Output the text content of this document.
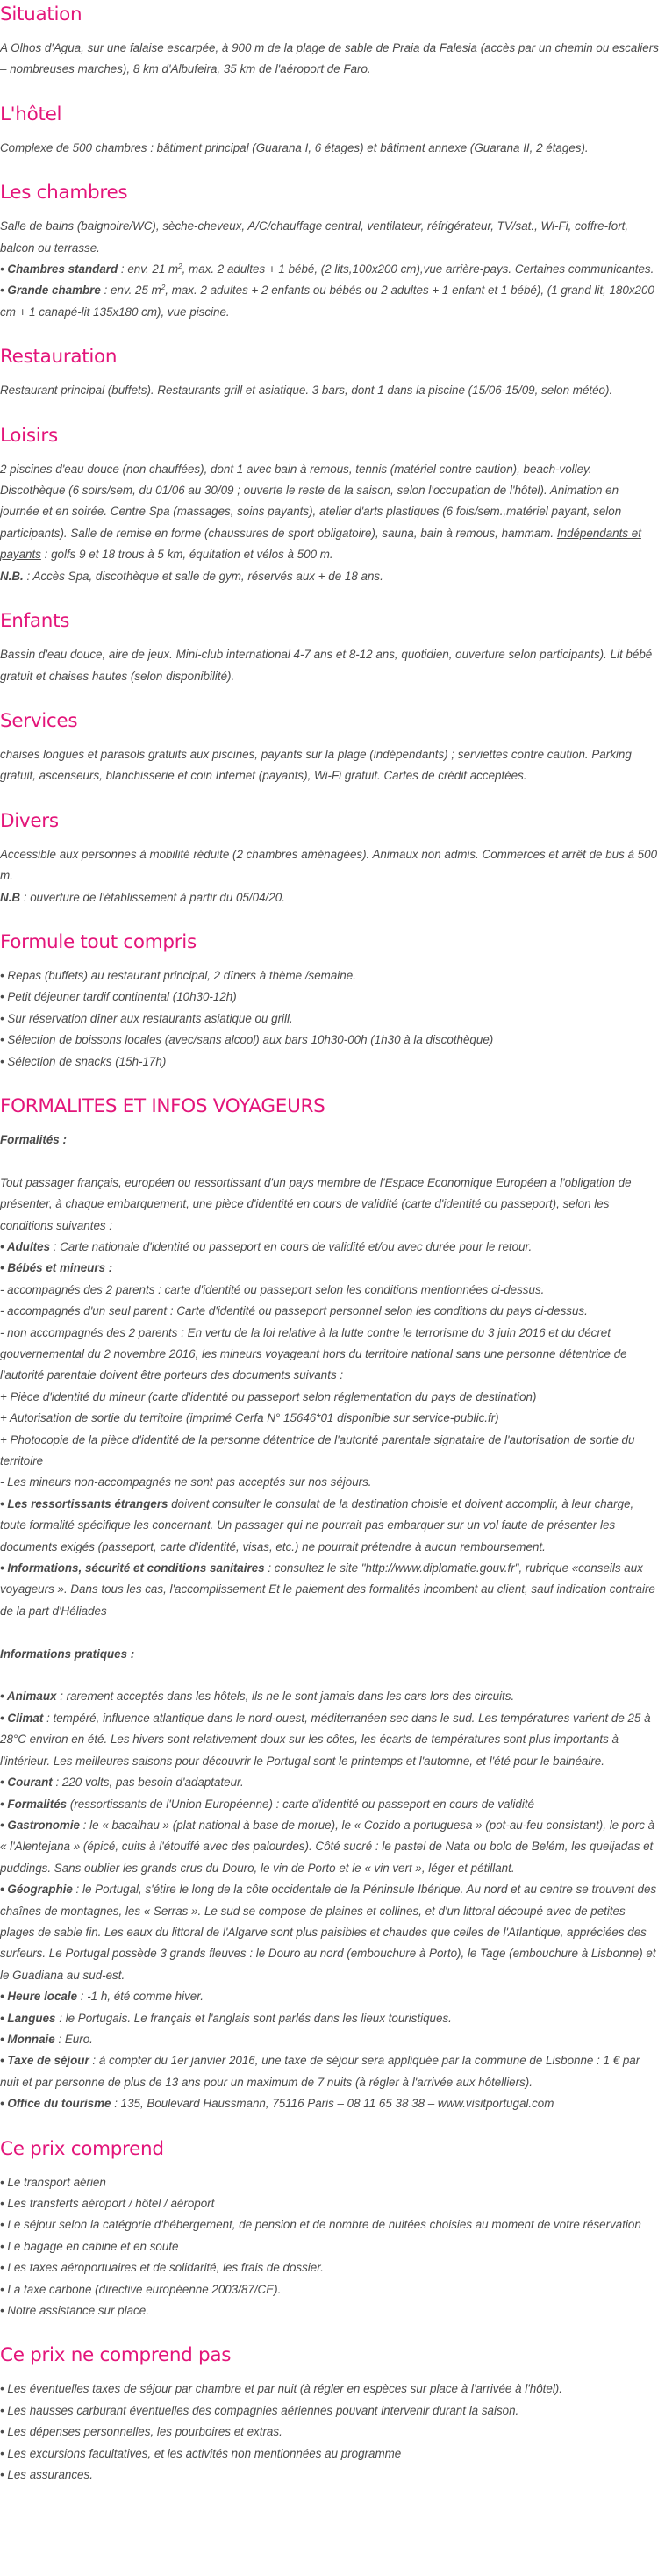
Situation

A Olhos d'Agua, sur une falaise escarpée, à 900 m de la plage de sable de Praia da Falesia (accès par un chemin ou escaliers – nombreuses marches), 8 km d'Albufeira, 35 km de l'aéroport de Faro.

L'hôtel

Complexe de 500 chambres : bâtiment principal (Guarana I, 6 étages) et bâtiment annexe (Guarana II, 2 étages).

Les chambres

Salle de bains (baignoire/WC), sèche-cheveux, A/C/chauffage central, ventilateur, réfrigérateur, TV/sat., Wi-Fi, coffre-fort, balcon ou terrasse.

• Chambres standard : env. 21 $m^2$, max. 2 adultes + 1 bébé, (2 lits,100x200 cm),vue arrière-pays. Certaines communicantes.

• Grande chambre : env. 25 $m^2$, max. 2 adultes + 2 enfants ou bébés ou 2 adultes + 1 enfant et 1 bébé), (1 grand lit, 180x200 cm + 1 canapé-lit 135x180 cm), vue piscine.

Restauration

Restaurant principal (buffets). Restaurants grill et asiatique. 3 bars, dont 1 dans la piscine (15/06-15/09, selon météo).

Loisirs

2 piscines d'eau douce (non chauffées), dont 1 avec bain à remous, tennis (matériel contre caution), beach-volley. Discothèque (6 soirs/sem, du 01/06 au 30/09 ; ouverte le reste de la saison, selon l'occupation de l'hôtel). Animation en journée et en soirée. Centre Spa (massages, soins payants), atelier d'arts plastiques (6 fois/sem.,matériel payant, selon participants). Salle de remise en forme (chaussures de sport obligatoire), sauna, bain à remous, hammam. Indépendants et payants : golfs 9 et 18 trous à 5 km, équitation et vélos à 500 m.

N.B. : Accès Spa, discothèque et salle de gym, réservés aux + de 18 ans.

Enfants

Bassin d'eau douce, aire de jeux. Mini-club international 4-7 ans et 8-12 ans, quotidien, ouverture selon participants). Lit bébé gratuit et chaises hautes (selon disponibilité).

Services

chaises longues et parasols gratuits aux piscines, payants sur la plage (indépendants) ; serviettes contre caution. Parking gratuit, ascenseurs, blanchisserie et coin Internet (payants), Wi-Fi gratuit. Cartes de crédit acceptées.

Divers

Accessible aux personnes à mobilité réduite (2 chambres aménagées). Animaux non admis. Commerces et arrêt de bus à 500 m.

N.B : ouverture de l'établissement à partir du 05/04/20.

Formule tout compris

• Repas (buffets) au restaurant principal, 2 dîners à thème /semaine.

• Petit déjeuner tardif continental (10h30-12h)

• Sur réservation dîner aux restaurants asiatique ou grill.

• Sélection de boissons locales (avec/sans alcool) aux bars 10h30-00h (1h30 à la discothèque)

• Sélection de snacks (15h-17h)

FORMALITES ET INFOS VOYAGEURS

Formalités :

Tout passager français, européen ou ressortissant d'un pays membre de l'Espace Economique Européen a l'obligation de présenter, à chaque embarquement, une pièce d'identité en cours de validité (carte d'identité ou passeport), selon les conditions suivantes :

• Adultes : Carte nationale d'identité ou passeport en cours de validité et/ou avec durée pour le retour.

• Bébés et mineurs :

- accompagnés des 2 parents : carte d'identité ou passeport selon les conditions mentionnées ci-dessus.

- accompagnés d'un seul parent : Carte d'identité ou passeport personnel selon les conditions du pays ci-dessus.

- non accompagnés des 2 parents : En vertu de la loi relative à la lutte contre le terrorisme du 3 juin 2016 et du décret gouvernemental du 2 novembre 2016, les mineurs voyageant hors du territoire national sans une personne détentrice de l'autorité parentale doivent être porteurs des documents suivants :

+ Pièce d'identité du mineur (carte d'identité ou passeport selon réglementation du pays de destination)

+ Autorisation de sortie du territoire (imprimé Cerfa N° 15646*01 disponible sur service-public.fr)

+ Photocopie de la pièce d'identité de la personne détentrice de l'autorité parentale signataire de l'autorisation de sortie du territoire

- Les mineurs non-accompagnés ne sont pas acceptés sur nos séjours.

• Les ressortissants étrangers doivent consulter le consulat de la destination choisie et doivent accomplir, à leur charge, toute formalité spécifique les concernant. Un passager qui ne pourrait pas embarquer sur un vol faute de présenter les documents exigés (passeport, carte d'identité, visas, etc.) ne pourrait prétendre à aucun remboursement.

• Informations, sécurité et conditions sanitaires : consultez le site "http://www.diplomatie.gouv.fr", rubrique «conseils aux voyageurs ». Dans tous les cas, l'accomplissement Et le paiement des formalités incombent au client, sauf indication contraire de la part d'Héliades

Informations pratiques :

• Animaux : rarement acceptés dans les hôtels, ils ne le sont jamais dans les cars lors des circuits.

• Climat : tempéré, influence atlantique dans le nord-ouest, méditerranéen sec dans le sud. Les températures varient de 25 à 28°C environ en été. Les hivers sont relativement doux sur les côtes, les écarts de températures sont plus importants à l'intérieur. Les meilleures saisons pour découvrir le Portugal sont le printemps et l'automne, et l'été pour le balnéaire.

• Courant : 220 volts, pas besoin d'adaptateur.

• Formalités (ressortissants de l'Union Européenne) : carte d'identité ou passeport en cours de validité

• Gastronomie : le « bacalhau » (plat national à base de morue), le « Cozido a portuguesa » (pot-au-feu consistant), le porc à « l'Alentejana » (épicé, cuits à l'étouffé avec des palourdes). Côté sucré : le pastel de Nata ou bolo de Belém, les queijadas et puddings. Sans oublier les grands crus du Douro, le vin de Porto et le « vin vert », léger et pétillant.

• Géographie : le Portugal, s'étire le long de la côte occidentale de la Péninsule Ibérique. Au nord et au centre se trouvent des chaînes de montagnes, les « Serras ». Le sud se compose de plaines et collines, et d'un littoral découpé avec de petites plages de sable fin. Les eaux du littoral de l'Algarve sont plus paisibles et chaudes que celles de l'Atlantique, appréciées des surfeurs. Le Portugal possède 3 grands fleuves : le Douro au nord (embouchure à Porto), le Tage (embouchure à Lisbonne) et le Guadiana au sud-est.

• Heure locale : -1 h, été comme hiver.

• Langues : le Portugais. Le français et l'anglais sont parlés dans les lieux touristiques.

• Monnaie : Euro.

• Taxe de séjour : à compter du 1er janvier 2016, une taxe de séjour sera appliquée par la commune de Lisbonne : 1 € par nuit et par personne de plus de 13 ans pour un maximum de 7 nuits (à régler à l'arrivée aux hôtelliers).

• Office du tourisme : 135, Boulevard Haussmann, 75116 Paris – 08 11 65 38 38 – www.visitportugal.com

Ce prix comprend

• Le transport aérien

• Les transferts aéroport / hôtel / aéroport

• Le séjour selon la catégorie d'hébergement, de pension et de nombre de nuitées choisies au moment de votre réservation

• Le bagage en cabine et en soute

• Les taxes aéroportuaires et de solidarité, les frais de dossier.

• La taxe carbone (directive européenne 2003/87/CE).

• Notre assistance sur place.

Ce prix ne comprend pas

• Les éventuelles taxes de séjour par chambre et par nuit (à régler en espèces sur place à l'arrivée à l'hôtel).

• Les hausses carburant éventuelles des compagnies aériennes pouvant intervenir durant la saison.

• Les dépenses personnelles, les pourboires et extras.

• Les excursions facultatives, et les activités non mentionnées au programme

• Les assurances.
